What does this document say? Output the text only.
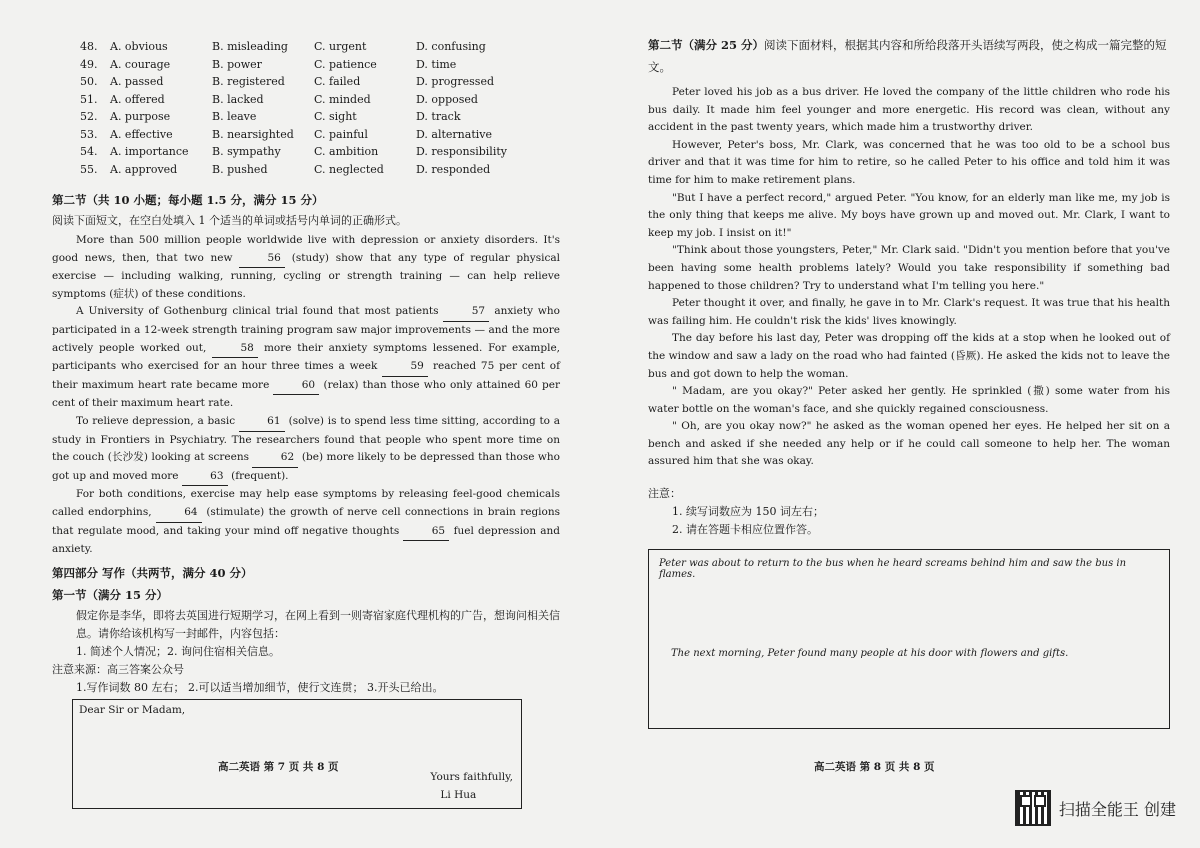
48.	A. obvious	B. misleading	C. urgent	D. confusing
49.	A. courage	B. power	C. patience	D. time
50.	A. passed	B. registered	C. failed	D. progressed
51.	A. offered	B. lacked	C. minded	D. opposed
52.	A. purpose	B. leave	C. sight	D. track
53.	A. effective	B. nearsighted	C. painful	D. alternative
54.	A. importance	B. sympathy	C. ambition	D. responsibility
55.	A. approved	B. pushed	C. neglected	D. responded
第二节（共 10 小题；每小题 1.5 分，满分 15 分）
阅读下面短文，在空白处填入 1 个适当的单词或括号内单词的正确形式。

More than 500 million people worldwide live with depression or anxiety disorders. It's good news, then, that two new	56 (study) show that any type of regular physical exercise — including walking, running, cycling or strength training — can help relieve symptoms (症状) of these conditions.

A University of Gothenburg clinical trial found that most patients	57 anxiety who participated in a 12-week strength training program saw major improvements — and the more actively people worked out,	58 more their anxiety symptoms lessened. For example, participants who exercised for an hour three times a week	59 reached 75 per cent of their maximum heart rate became more	60 (relax) than those who only attained 60 per cent of their maximum heart rate.

To relieve depression, a basic	61 (solve) is to spend less time sitting, according to a study in Frontiers in Psychiatry. The researchers found that people who spent more time on the couch (长沙发) looking at screens	62 (be) more likely to be depressed than those who got up and moved more	63 (frequent).

For both conditions, exercise may help ease symptoms by releasing feel-good chemicals called endorphins,	64 (stimulate) the growth of nerve cell connections in brain regions that regulate mood, and taking your mind off negative thoughts	65 fuel depression and anxiety.

第四部分 写作（共两节，满分 40 分）
第一节（满分 15 分）

假定你是李华，即将去英国进行短期学习，在网上看到一则寄宿家庭代理机构的广告，想询问相关信息。请你给该机构写一封邮件，内容包括：

1. 简述个人情况；2. 询问住宿相关信息。

注意来源：高三答案公众号

1.写作词数 80 左右； 2.可以适当增加细节，使行文连贯； 3.开头已给出。

Dear Sir or Madam,
Yours faithfully,
Li Hua
高二英语 第 7 页 共 8 页

第二节（满分 25 分）阅读下面材料，根据其内容和所给段落开头语续写两段，使之构成一篇完整的短文。

Peter loved his job as a bus driver. He loved the company of the little children who rode his bus daily. It made him feel younger and more energetic. His record was clean, without any accident in the past twenty years, which made him a trustworthy driver.

However, Peter's boss, Mr. Clark, was concerned that he was too old to be a school bus driver and that it was time for him to retire, so he called Peter to his office and told him it was time for him to make retirement plans.

"But I have a perfect record," argued Peter. "You know, for an elderly man like me, my job is the only thing that keeps me alive. My boys have grown up and moved out. Mr. Clark, I want to keep my job. I insist on it!"

"Think about those youngsters, Peter," Mr. Clark said. "Didn't you mention before that you've been having some health problems lately? Would you take responsibility if something bad happened to those children? Try to understand what I'm telling you here."

Peter thought it over, and finally, he gave in to Mr. Clark's request. It was true that his health was failing him. He couldn't risk the kids' lives knowingly.

The day before his last day, Peter was dropping off the kids at a stop when he looked out of the window and saw a lady on the road who had fainted (昏厥). He asked the kids not to leave the bus and got down to help the woman.

" Madam, are you okay?" Peter asked her gently. He sprinkled (撒) some water from his water bottle on the woman's face, and she quickly regained consciousness.

" Oh, are you okay now?" he asked as the woman opened her eyes. He helped her sit on a bench and asked if she needed any help or if he could call someone to help her. The woman assured him that she was okay.

注意：

1. 续写词数应为 150 词左右；

2. 请在答题卡相应位置作答。

Peter was about to return to the bus when he heard screams behind him and saw the bus in flames.
The next morning, Peter found many people at his door with flowers and gifts.
高二英语 第 8 页 共 8 页
扫描全能王 创建
